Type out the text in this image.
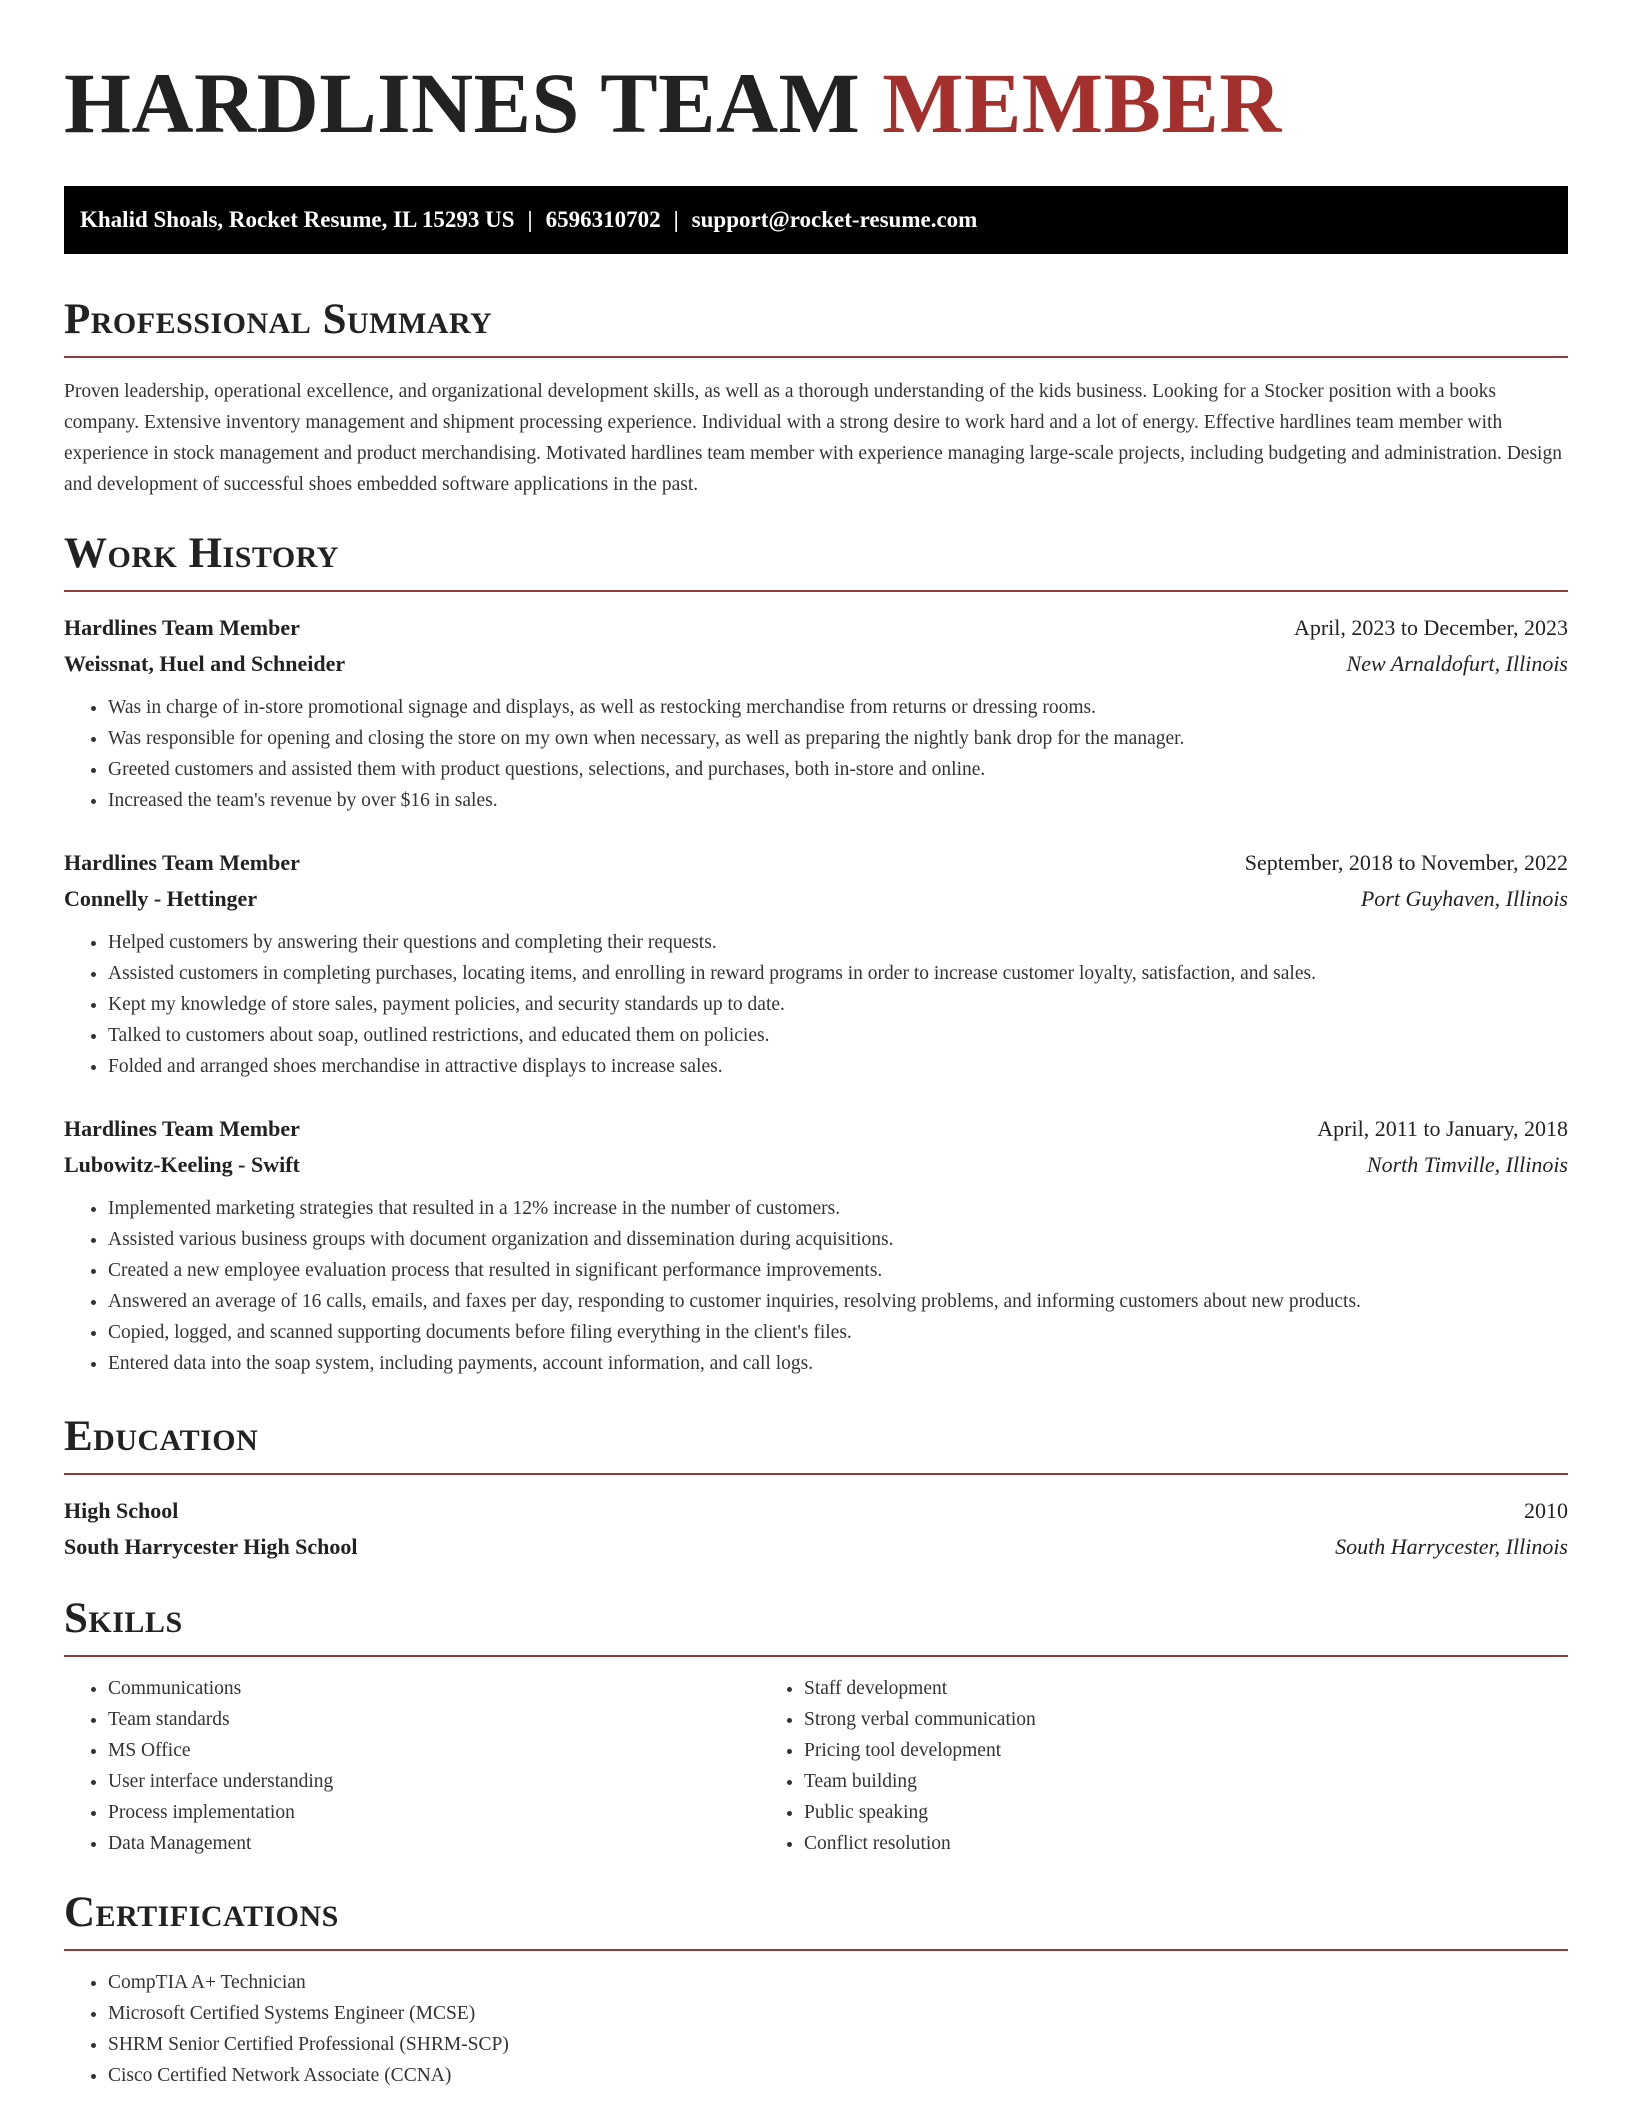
HARDLINES TEAM MEMBER
Khalid Shoals, Rocket Resume, IL 15293 US | 6596310702 | support@rocket-resume.com
Professional Summary

Proven leadership, operational excellence, and organizational development skills, as well as a thorough understanding of the kids business. Looking for a Stocker position with a books company. Extensive inventory management and shipment processing experience. Individual with a strong desire to work hard and a lot of energy. Effective hardlines team member with experience in stock management and product merchandising. Motivated hardlines team member with experience managing large-scale projects, including budgeting and administration. Design and development of successful shoes embedded software applications in the past.

Work History
Hardlines Team Member	April, 2023 to December, 2023
Weissnat, Huel and Schneider	New Arnaldofurt, Illinois
• Was in charge of in-store promotional signage and displays, as well as restocking merchandise from returns or dressing rooms.
• Was responsible for opening and closing the store on my own when necessary, as well as preparing the nightly bank drop for the manager.
• Greeted customers and assisted them with product questions, selections, and purchases, both in-store and online.
• Increased the team's revenue by over $16 in sales.
Hardlines Team Member	September, 2018 to November, 2022
Connelly - Hettinger	Port Guyhaven, Illinois
• Helped customers by answering their questions and completing their requests.
• Assisted customers in completing purchases, locating items, and enrolling in reward programs in order to increase customer loyalty, satisfaction, and sales.
• Kept my knowledge of store sales, payment policies, and security standards up to date.
• Talked to customers about soap, outlined restrictions, and educated them on policies.
• Folded and arranged shoes merchandise in attractive displays to increase sales.
Hardlines Team Member	April, 2011 to January, 2018
Lubowitz-Keeling - Swift	North Timville, Illinois
• Implemented marketing strategies that resulted in a 12% increase in the number of customers.
• Assisted various business groups with document organization and dissemination during acquisitions.
• Created a new employee evaluation process that resulted in significant performance improvements.
• Answered an average of 16 calls, emails, and faxes per day, responding to customer inquiries, resolving problems, and informing customers about new products.
• Copied, logged, and scanned supporting documents before filing everything in the client's files.
• Entered data into the soap system, including payments, account information, and call logs.
Education
High School	2010
South Harrycester High School	South Harrycester, Illinois
Skills
• Communications
• Team standards
• MS Office
• User interface understanding
• Process implementation
• Data Management
• Staff development
• Strong verbal communication
• Pricing tool development
• Team building
• Public speaking
• Conflict resolution
Certifications
• CompTIA A+ Technician
• Microsoft Certified Systems Engineer (MCSE)
• SHRM Senior Certified Professional (SHRM-SCP)
• Cisco Certified Network Associate (CCNA)
